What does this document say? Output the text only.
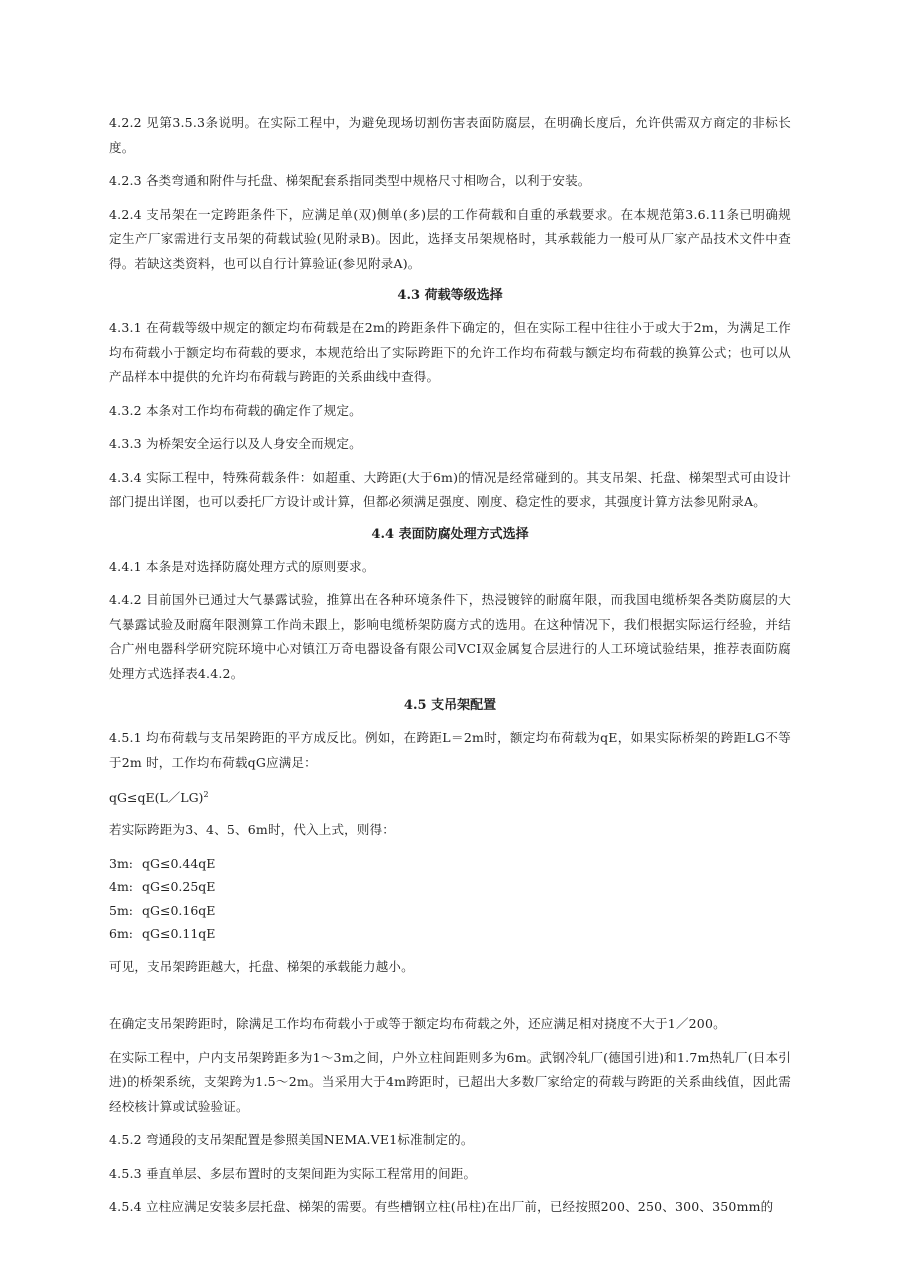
4.2.2 见第3.5.3条说明。在实际工程中，为避免现场切割伤害表面防腐层，在明确长度后，允许供需双方商定的非标长度。

4.2.3 各类弯通和附件与托盘、梯架配套系指同类型中规格尺寸相吻合，以利于安装。

4.2.4 支吊架在一定跨距条件下，应满足单(双)侧单(多)层的工作荷载和自重的承载要求。在本规范第3.6.11条已明确规定生产厂家需进行支吊架的荷载试验(见附录B)。因此，选择支吊架规格时，其承载能力一般可从厂家产品技术文件中查得。若缺这类资料，也可以自行计算验证(参见附录A)。

4.3 荷载等级选择

4.3.1 在荷载等级中规定的额定均布荷载是在2m的跨距条件下确定的，但在实际工程中往往小于或大于2m，为满足工作均布荷载小于额定均布荷载的要求，本规范给出了实际跨距下的允许工作均布荷载与额定均布荷载的换算公式；也可以从产品样本中提供的允许均布荷载与跨距的关系曲线中查得。

4.3.2 本条对工作均布荷载的确定作了规定。

4.3.3 为桥架安全运行以及人身安全而规定。

4.3.4 实际工程中，特殊荷载条件：如超重、大跨距(大于6m)的情况是经常碰到的。其支吊架、托盘、梯架型式可由设计部门提出详图，也可以委托厂方设计或计算，但都必须满足强度、刚度、稳定性的要求，其强度计算方法参见附录A。

4.4 表面防腐处理方式选择

4.4.1 本条是对选择防腐处理方式的原则要求。

4.4.2 目前国外已通过大气暴露试验，推算出在各种环境条件下，热浸镀锌的耐腐年限，而我国电缆桥架各类防腐层的大气暴露试验及耐腐年限测算工作尚未跟上，影响电缆桥架防腐方式的选用。在这种情况下，我们根据实际运行经验，并结合广州电器科学研究院环境中心对镇江万奇电器设备有限公司VCI双金属复合层进行的人工环境试验结果，推荐表面防腐处理方式选择表4.4.2。

4.5 支吊架配置

4.5.1 均布荷载与支吊架跨距的平方成反比。例如，在跨距L＝2m时，额定均布荷载为qE，如果实际桥架的跨距LG不等于2m 时，工作均布荷载qG应满足：

qG≤qE(L／LG)$^2$

若实际跨距为3、4、5、6m时，代入上式，则得：

3m: qG≤0.44qE
4m: qG≤0.25qE
5m: qG≤0.16qE
6m: qG≤0.11qE

可见，支吊架跨距越大，托盘、梯架的承载能力越小。

在确定支吊架跨距时，除满足工作均布荷载小于或等于额定均布荷载之外，还应满足相对挠度不大于1／200。

在实际工程中，户内支吊架跨距多为1～3m之间，户外立柱间距则多为6m。武钢冷轧厂(德国引进)和1.7m热轧厂(日本引进)的桥架系统，支架跨为1.5～2m。当采用大于4m跨距时，已超出大多数厂家给定的荷载与跨距的关系曲线值，因此需经校核计算或试验验证。

4.5.2 弯通段的支吊架配置是参照美国NEMA.VE1标准制定的。

4.5.3 垂直单层、多层布置时的支架间距为实际工程常用的间距。

4.5.4 立柱应满足安装多层托盘、梯架的需要。有些槽钢立柱(吊柱)在出厂前，已经按照200、250、300、350mm的
